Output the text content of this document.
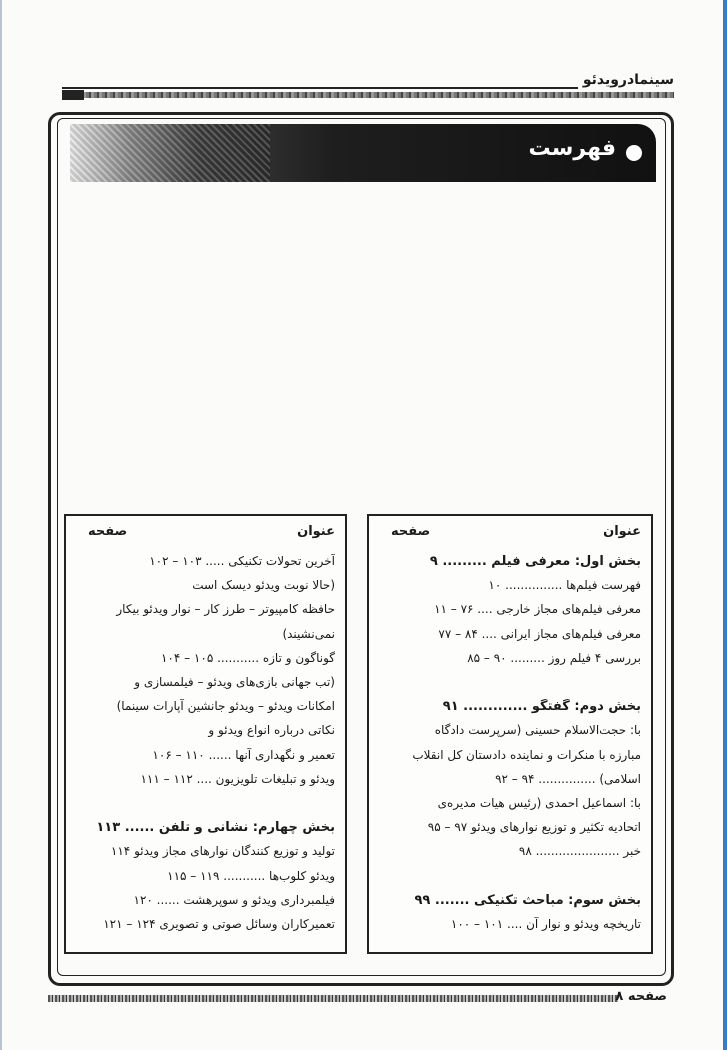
سینمادرویدئو
فهرست
عنوان
صفحه
بخش اول: معرفی فیلم ......... ۹
فهرست فیلم‌ها ............... ۱۰
معرفی فیلم‌های مجاز خارجی .... ۷۶ – ۱۱
معرفی فیلم‌های مجاز ایرانی .... ۸۴ – ۷۷
بررسی ۴ فیلم روز ......... ۹۰ – ۸۵
بخش دوم: گفتگو ............. ۹۱
با: حجت‌الاسلام حسینی (سرپرست دادگاه
مبارزه با منکرات و نماینده دادستان کل انقلاب
اسلامی) ............... ۹۴ – ۹۲
با: اسماعیل احمدی (رئیس هیات مدیره‌ی
اتحادیه تکثیر و توزیع نوارهای ویدئو ۹۷ – ۹۵
خبر ...................... ۹۸
بخش سوم: مباحث تکنیکی ....... ۹۹
تاریخچه ویدئو و نوار آن .... ۱۰۱ – ۱۰۰
عنوان
صفحه
آخرین تحولات تکنیکی ..... ۱۰۳ – ۱۰۲
(حالا نوبت ویدئو دیسک است
حافظه کامپیوتر – طرز کار – نوار ویدئو بیکار
نمی‌نشیند)
گوناگون و تازه ........... ۱۰۵ – ۱۰۴
(تب جهانی بازی‌های ویدئو – فیلمسازی و
امکانات ویدئو – ویدئو جانشین آپارات سینما)
نکاتی درباره انواع ویدئو و
تعمیر و نگهداری آنها ...... ۱۱۰ – ۱۰۶
ویدئو و تبلیغات تلویزیون .... ۱۱۲ – ۱۱۱
بخش چهارم: نشانی و تلفن ...... ۱۱۳
تولید و توزیع کنندگان نوارهای مجاز ویدئو ۱۱۴
ویدئو کلوب‌ها ........... ۱۱۹ – ۱۱۵
فیلمبرداری ویدئو و سوپرهشت ...... ۱۲۰
تعمیرکاران وسائل صوتی و تصویری ۱۲۴ – ۱۲۱
صفحه ۸
